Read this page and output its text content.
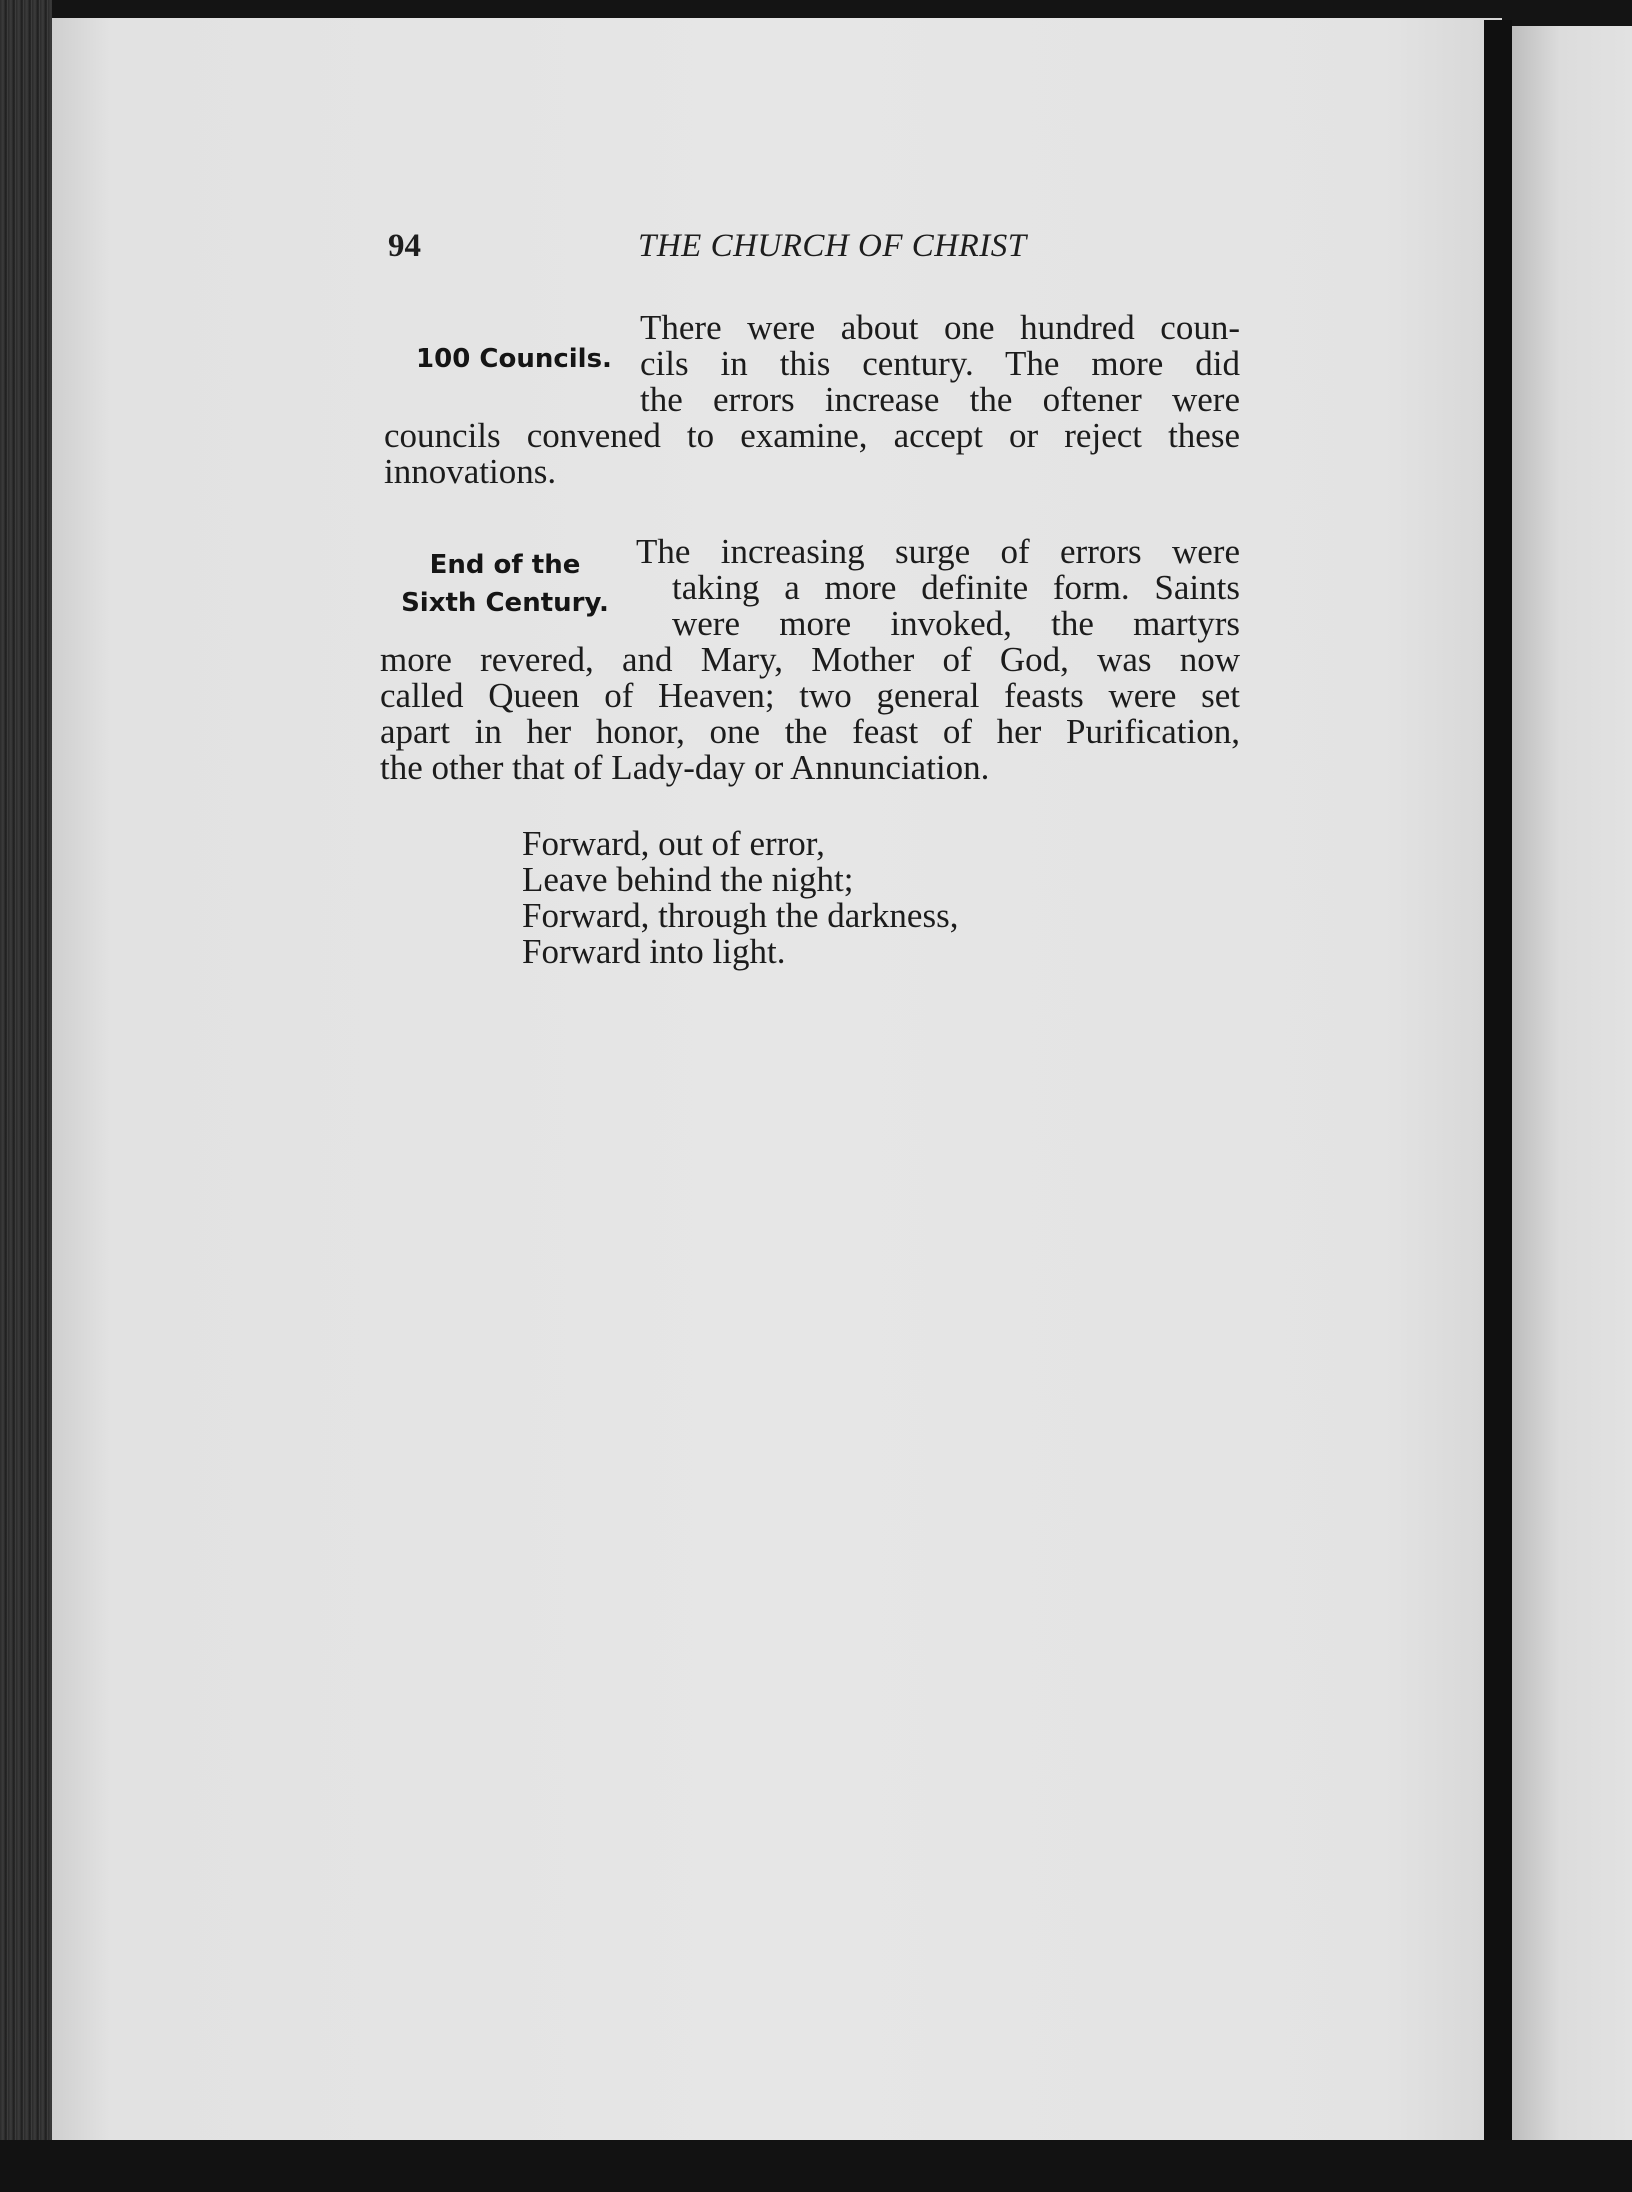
94	THE CHURCH OF CHRIST
100 Councils.
There were about one hundred coun-
cils in this century. The more did
the errors increase the oftener were
councils convened to examine, accept or reject these
innovations.
End of the
Sixth Century.
The increasing surge of errors were
taking a more definite form. Saints
were more invoked, the martyrs
more revered, and Mary, Mother of God, was now
called Queen of Heaven; two general feasts were set
apart in her honor, one the feast of her Purification,
the other that of Lady-day or Annunciation.
Forward, out of error,
Leave behind the night;
Forward, through the darkness,
Forward into light.
